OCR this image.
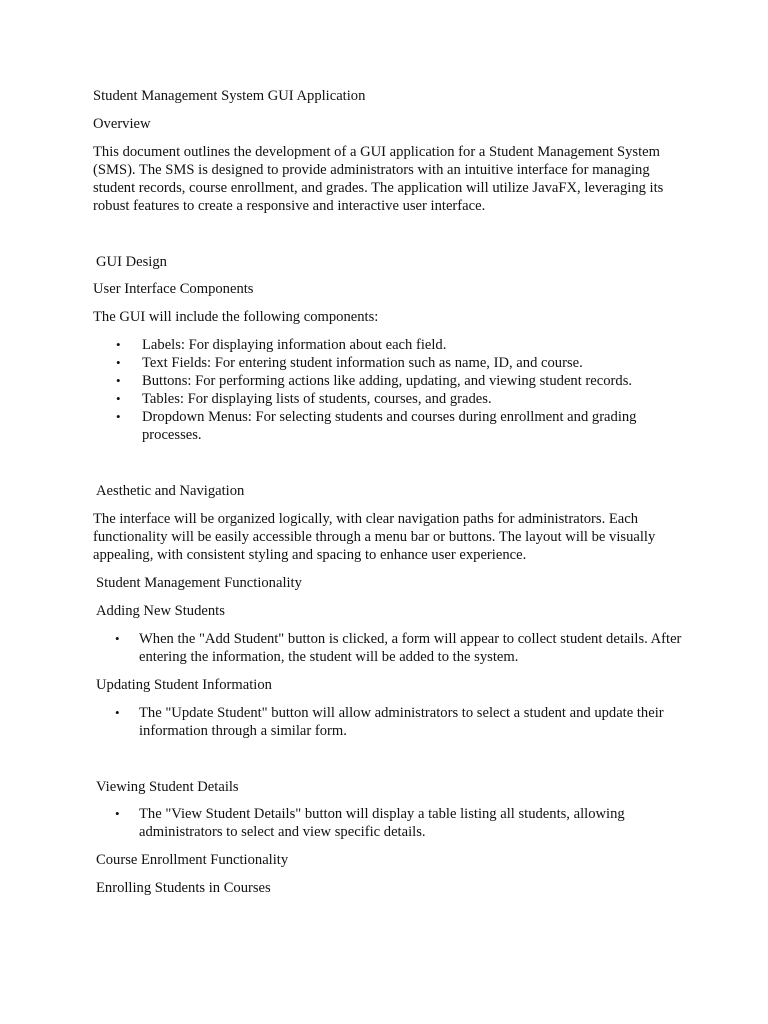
Student Management System GUI Application

Overview

This document outlines the development of a GUI application for a Student Management System (SMS). The SMS is designed to provide administrators with an intuitive interface for managing student records, course enrollment, and grades. The application will utilize JavaFX, leveraging its robust features to create a responsive and interactive user interface.

GUI Design

User Interface Components

The GUI will include the following components:

• Labels: For displaying information about each field.
• Text Fields: For entering student information such as name, ID, and course.
• Buttons: For performing actions like adding, updating, and viewing student records.
• Tables: For displaying lists of students, courses, and grades.
• Dropdown Menus: For selecting students and courses during enrollment and grading processes.

Aesthetic and Navigation

The interface will be organized logically, with clear navigation paths for administrators. Each functionality will be easily accessible through a menu bar or buttons. The layout will be visually appealing, with consistent styling and spacing to enhance user experience.

Student Management Functionality

Adding New Students

• When the "Add Student" button is clicked, a form will appear to collect student details. After entering the information, the student will be added to the system.

Updating Student Information

• The "Update Student" button will allow administrators to select a student and update their information through a similar form.

Viewing Student Details

• The "View Student Details" button will display a table listing all students, allowing administrators to select and view specific details.

Course Enrollment Functionality

Enrolling Students in Courses
